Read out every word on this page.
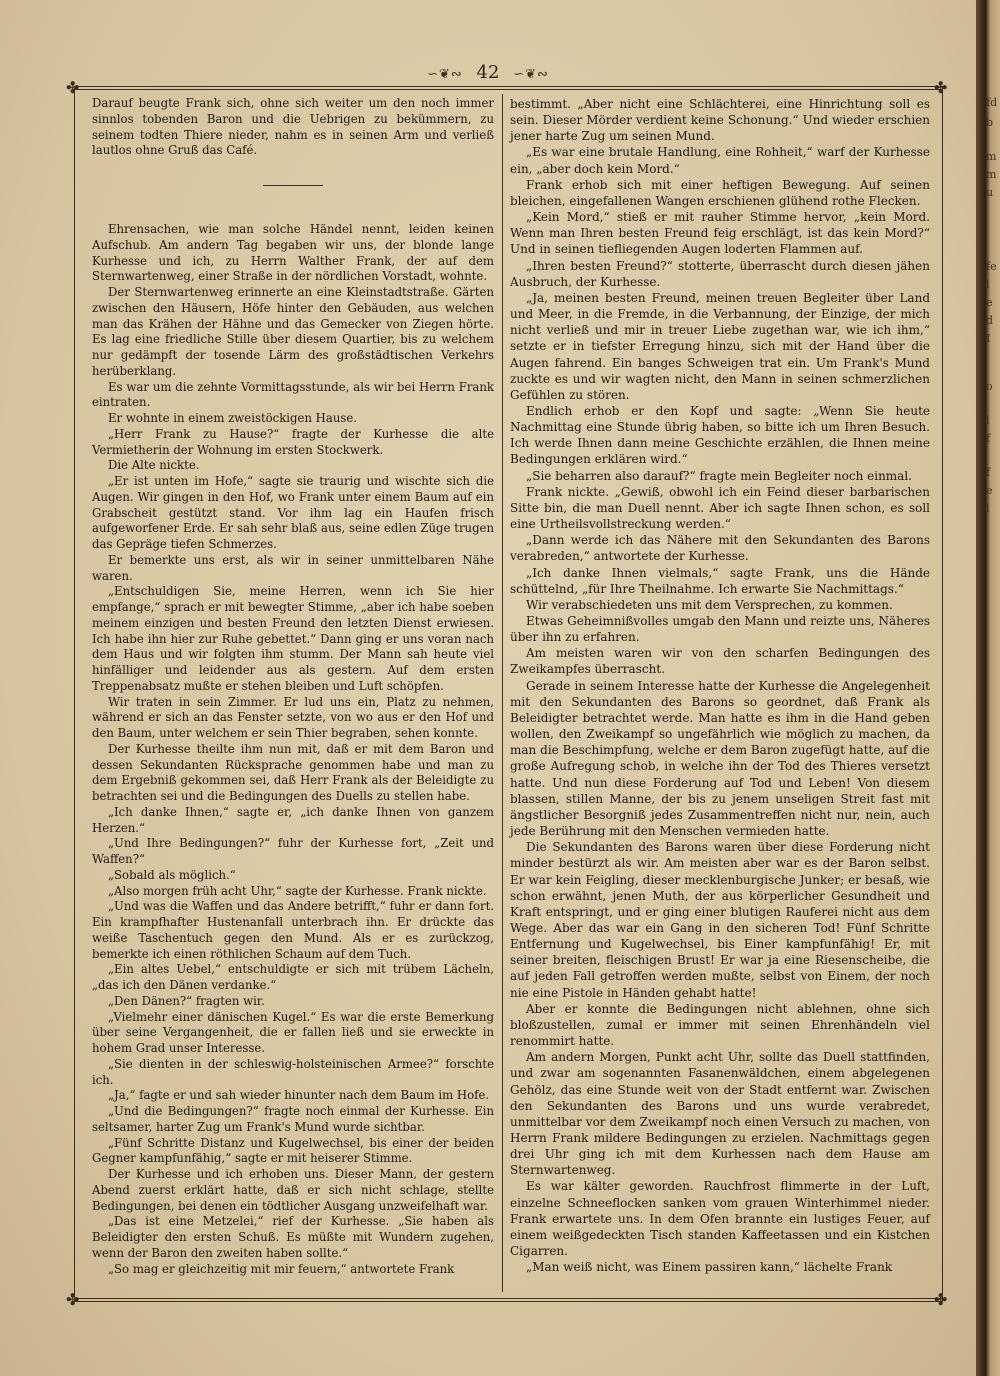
∽❦∾ 42 ∽❦∾
✤	✤
✤	✤

Darauf beugte Frank sich, ohne sich weiter um den noch immer sinnlos tobenden Baron und die Uebrigen zu bekümmern, zu seinem todten Thiere nieder, nahm es in seinen Arm und verließ lautlos ohne Gruß das Café.

Ehrensachen, wie man solche Händel nennt, leiden keinen Aufschub. Am andern Tag begaben wir uns, der blonde lange Kurhesse und ich, zu Herrn Walther Frank, der auf dem Sternwartenweg, einer Straße in der nördlichen Vorstadt, wohnte.

Der Sternwartenweg erinnerte an eine Kleinstadtstraße. Gärten zwischen den Häusern, Höfe hinter den Gebäuden, aus welchen man das Krähen der Hähne und das Gemecker von Ziegen hörte. Es lag eine friedliche Stille über diesem Quartier, bis zu welchem nur gedämpft der tosende Lärm des großstädtischen Verkehrs herüberklang.

Es war um die zehnte Vormittagsstunde, als wir bei Herrn Frank eintraten.

Er wohnte in einem zweistöckigen Hause.

„Herr Frank zu Hause?“ fragte der Kurhesse die alte Vermietherin der Wohnung im ersten Stockwerk.

Die Alte nickte.

„Er ist unten im Hofe,“ sagte sie traurig und wischte sich die Augen. Wir gingen in den Hof, wo Frank unter einem Baum auf ein Grabscheit gestützt stand. Vor ihm lag ein Haufen frisch aufgeworfener Erde. Er sah sehr blaß aus, seine edlen Züge trugen das Gepräge tiefen Schmerzes.

Er bemerkte uns erst, als wir in seiner unmittelbaren Nähe waren.

„Entschuldigen Sie, meine Herren, wenn ich Sie hier empfange,“ sprach er mit bewegter Stimme, „aber ich habe soeben meinem einzigen und besten Freund den letzten Dienst erwiesen. Ich habe ihn hier zur Ruhe gebettet.“ Dann ging er uns voran nach dem Haus und wir folgten ihm stumm. Der Mann sah heute viel hinfälliger und leidender aus als gestern. Auf dem ersten Treppenabsatz mußte er stehen bleiben und Luft schöpfen.

Wir traten in sein Zimmer. Er lud uns ein, Platz zu nehmen, während er sich an das Fenster setzte, von wo aus er den Hof und den Baum, unter welchem er sein Thier begraben, sehen konnte.

Der Kurhesse theilte ihm nun mit, daß er mit dem Baron und dessen Sekundanten Rücksprache genommen habe und man zu dem Ergebniß gekommen sei, daß Herr Frank als der Beleidigte zu betrachten sei und die Bedingungen des Duells zu stellen habe.

„Ich danke Ihnen,“ sagte er, „ich danke Ihnen von ganzem Herzen.“

„Und Ihre Bedingungen?“ fuhr der Kurhesse fort, „Zeit und Waffen?“

„Sobald als möglich.“

„Also morgen früh acht Uhr,“ sagte der Kurhesse. Frank nickte.

„Und was die Waffen und das Andere betrifft,“ fuhr er dann fort. Ein krampfhafter Hustenanfall unterbrach ihn. Er drückte das weiße Taschentuch gegen den Mund. Als er es zurückzog, bemerkte ich einen röthlichen Schaum auf dem Tuch.

„Ein altes Uebel,“ entschuldigte er sich mit trübem Lächeln, „das ich den Dänen verdanke.“

„Den Dänen?“ fragten wir.

„Vielmehr einer dänischen Kugel.“ Es war die erste Bemerkung über seine Vergangenheit, die er fallen ließ und sie erweckte in hohem Grad unser Interesse.

„Sie dienten in der schleswig-holsteinischen Armee?“ forschte ich.

„Ja,“ fagte er und sah wieder hinunter nach dem Baum im Hofe.

„Und die Bedingungen?“ fragte noch einmal der Kurhesse. Ein seltsamer, harter Zug um Frank's Mund wurde sichtbar.

„Fünf Schritte Distanz und Kugelwechsel, bis einer der beiden Gegner kampfunfähig,“ sagte er mit heiserer Stimme.

Der Kurhesse und ich erhoben uns. Dieser Mann, der gestern Abend zuerst erklärt hatte, daß er sich nicht schlage, stellte Bedingungen, bei denen ein tödtlicher Ausgang unzweifelhaft war.

„Das ist eine Metzelei,“ rief der Kurhesse. „Sie haben als Beleidigter den ersten Schuß. Es müßte mit Wundern zugehen, wenn der Baron den zweiten haben sollte.“

„So mag er gleichzeitig mit mir feuern,“ antwortete Frank

bestimmt. „Aber nicht eine Schlächterei, eine Hinrichtung soll es sein. Dieser Mörder verdient keine Schonung.“ Und wieder erschien jener harte Zug um seinen Mund.

„Es war eine brutale Handlung, eine Rohheit,“ warf der Kurhesse ein, „aber doch kein Mord.“

Frank erhob sich mit einer heftigen Bewegung. Auf seinen bleichen, eingefallenen Wangen erschienen glühend rothe Flecken.

„Kein Mord,“ stieß er mit rauher Stimme hervor, „kein Mord. Wenn man Ihren besten Freund feig erschlägt, ist das kein Mord?“ Und in seinen tiefliegenden Augen loderten Flammen auf.

„Ihren besten Freund?“ stotterte, überrascht durch diesen jähen Ausbruch, der Kurhesse.

„Ja, meinen besten Freund, meinen treuen Begleiter über Land und Meer, in die Fremde, in die Verbannung, der Einzige, der mich nicht verließ und mir in treuer Liebe zugethan war, wie ich ihm,“ setzte er in tiefster Erregung hinzu, sich mit der Hand über die Augen fahrend. Ein banges Schweigen trat ein. Um Frank's Mund zuckte es und wir wagten nicht, den Mann in seinen schmerzlichen Gefühlen zu stören.

Endlich erhob er den Kopf und sagte: „Wenn Sie heute Nachmittag eine Stunde übrig haben, so bitte ich um Ihren Besuch. Ich werde Ihnen dann meine Geschichte erzählen, die Ihnen meine Bedingungen erklären wird.“

„Sie beharren also darauf?“ fragte mein Begleiter noch einmal.

Frank nickte. „Gewiß, obwohl ich ein Feind dieser barbarischen Sitte bin, die man Duell nennt. Aber ich sagte Ihnen schon, es soll eine Urtheilsvollstreckung werden.“

„Dann werde ich das Nähere mit den Sekundanten des Barons verabreden,“ antwortete der Kurhesse.

„Ich danke Ihnen vielmals,“ sagte Frank, uns die Hände schüttelnd, „für Ihre Theilnahme. Ich erwarte Sie Nachmittags.“

Wir verabschiedeten uns mit dem Versprechen, zu kommen.

Etwas Geheimnißvolles umgab den Mann und reizte uns, Näheres über ihn zu erfahren.

Am meisten waren wir von den scharfen Bedingungen des Zweikampfes überrascht.

Gerade in seinem Interesse hatte der Kurhesse die Angelegenheit mit den Sekundanten des Barons so geordnet, daß Frank als Beleidigter betrachtet werde. Man hatte es ihm in die Hand geben wollen, den Zweikampf so ungefährlich wie möglich zu machen, da man die Beschimpfung, welche er dem Baron zugefügt hatte, auf die große Aufregung schob, in welche ihn der Tod des Thieres versetzt hatte. Und nun diese Forderung auf Tod und Leben! Von diesem blassen, stillen Manne, der bis zu jenem unseligen Streit fast mit ängstlicher Besorgniß jedes Zusammentreffen nicht nur, nein, auch jede Berührung mit den Menschen vermieden hatte.

Die Sekundanten des Barons waren über diese Forderung nicht minder bestürzt als wir. Am meisten aber war es der Baron selbst. Er war kein Feigling, dieser mecklenburgische Junker; er besaß, wie schon erwähnt, jenen Muth, der aus körperlicher Gesundheit und Kraft entspringt, und er ging einer blutigen Rauferei nicht aus dem Wege. Aber das war ein Gang in den sicheren Tod! Fünf Schritte Entfernung und Kugelwechsel, bis Einer kampfunfähig! Er, mit seiner breiten, fleischigen Brust! Er war ja eine Riesenscheibe, die auf jeden Fall getroffen werden mußte, selbst von Einem, der noch nie eine Pistole in Händen gehabt hatte!

Aber er konnte die Bedingungen nicht ablehnen, ohne sich bloßzustellen, zumal er immer mit seinen Ehrenhändeln viel renommirt hatte.

Am andern Morgen, Punkt acht Uhr, sollte das Duell stattfinden, und zwar am sogenannten Fasanenwäldchen, einem abgelegenen Gehölz, das eine Stunde weit von der Stadt entfernt war. Zwischen den Sekundanten des Barons und uns wurde verabredet, unmittelbar vor dem Zweikampf noch einen Versuch zu machen, von Herrn Frank mildere Bedingungen zu erzielen. Nachmittags gegen drei Uhr ging ich mit dem Kurhessen nach dem Hause am Sternwartenweg.

Es war kälter geworden. Rauchfrost flimmerte in der Luft, einzelne Schneeflocken sanken vom grauen Winterhimmel nieder. Frank erwartete uns. In dem Ofen brannte ein lustiges Feuer, auf einem weißgedeckten Tisch standen Kaffeetassen und ein Kistchen Cigarren.

„Man weiß nicht, was Einem passiren kann,“ lächelte Frank

fd
b
m
m
u
fe
l
e
d
I
o
l
f
f
e
l
